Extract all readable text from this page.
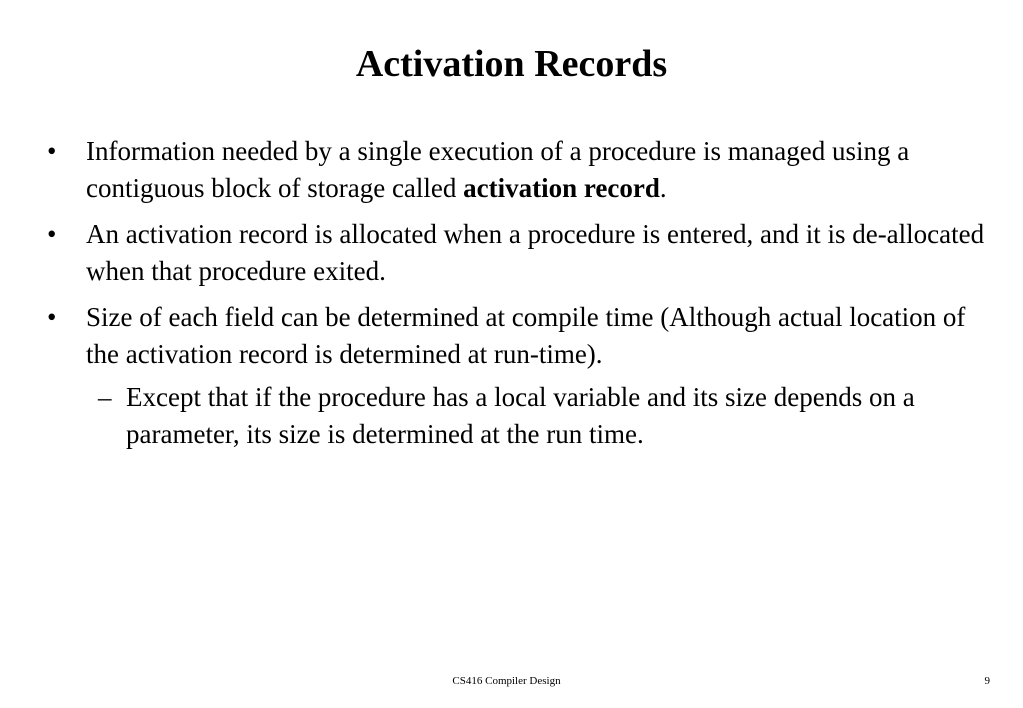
Activation Records
• Information needed by a single execution of a procedure is managed using a contiguous block of storage called activation record.
• An activation record is allocated when a procedure is entered, and it is de-allocated when that procedure exited.
• Size of each field can be determined at compile time (Although actual location of the activation record is determined at run-time).
– Except that if the procedure has a local variable and its size depends on a parameter, its size is determined at the run time.
CS416 Compiler Design	9
